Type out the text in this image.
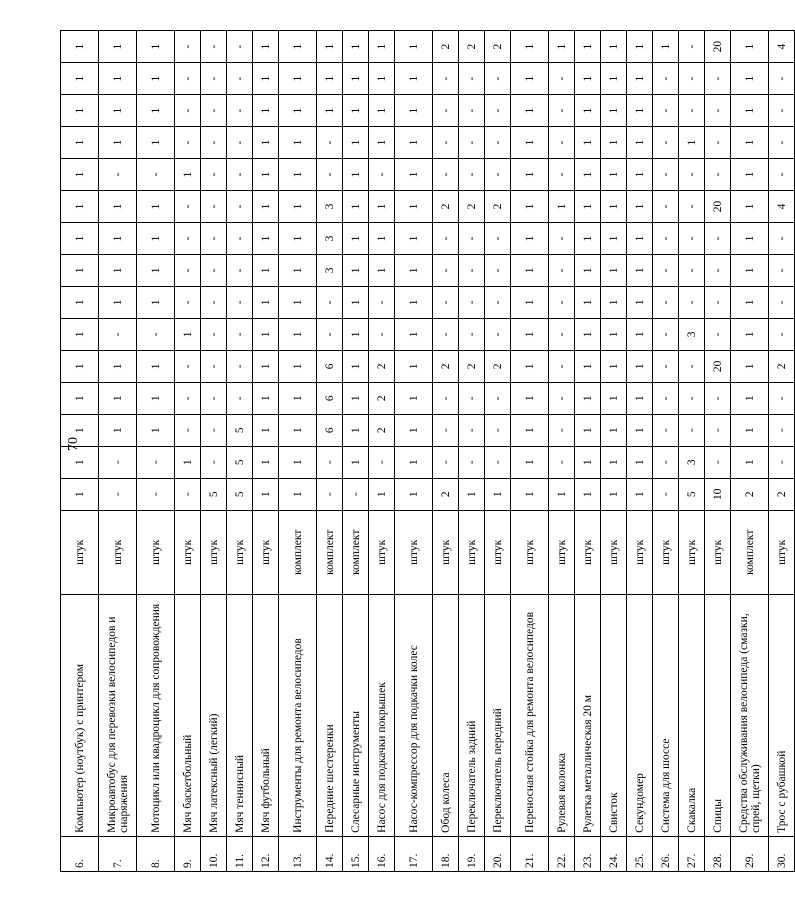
70
6.	Компьютер (ноутбук) с принтером	штук	1	1	1	1	1	1	1	1	1	1	1	1	1	1	1
7.	Микроавтобус для перевозки велосипедов и снаряжения	штук	-	-	1	1	1	-	1	1	1	1	-	1	1	1	1
8.	Мотоцикл или квадроцикл для сопровождения	штук	-	-	1	1	1	-	1	1	1	1	-	1	1	1	1
9.	Мяч баскетбольный	штук	-	1	-	-	-	1	-	-	-	-	1	-	-	-	-
10.	Мяч латексный (легкий)	штук	5	-	-	-	-	-	-	-	-	-	-	-	-	-	-
11.	Мяч теннисный	штук	5	5	5	-	-	-	-	-	-	-	-	-	-	-	-
12.	Мяч футбольный	штук	1	1	1	1	1	1	1	1	1	1	1	1	1	1	1
13.	Инструменты для ремонта велосипедов	комплект	1	1	1	1	1	1	1	1	1	1	1	1	1	1	1
14.	Передние шестеренки	комплект	-	-	6	6	6	-	-	3	3	3	-	-	1	1	1
15.	Слесарные инструменты	комплект	-	1	1	1	1	1	1	1	1	1	1	1	1	1	1
16.	Насос для подкачки покрышек	штук	1	-	2	2	2	-	-	1	1	1	-	1	1	1	1
17.	Насос-компрессор для подкачки колес	штук	1	1	1	1	1	1	1	1	1	1	1	1	1	1	1
18.	Обод колеса	штук	2	-	-	-	2	-	-	-	-	2	-	-	-	-	2
19.	Переключатель задний	штук	1	-	-	-	2	-	-	-	-	2	-	-	-	-	2
20.	Переключатель передний	штук	1	-	-	-	2	-	-	-	-	2	-	-	-	-	2
21.	Переносная стойка для ремонта велосипедов	штук	1	1	1	1	1	1	1	1	1	1	1	1	1	1	1
22.	Рулевая колонка	штук	1	-	-	-	-	-	-	-	-	1	-	-	-	-	1
23.	Рулетка металлическая 20 м	штук	1	1	1	1	1	1	1	1	1	1	1	1	1	1	1
24.	Свисток	штук	1	1	1	1	1	1	1	1	1	1	1	1	1	1	1
25.	Секундомер	штук	1	1	1	1	1	1	1	1	1	1	1	1	1	1	1
26.	Система для шоссе	штук	-	-	-	-	-	-	-	-	-	-	-	-	-	-	1
27.	Скакалка	штук	5	3	-	-	-	3	-	-	-	-	-	1	-	-	-
28.	Спицы	штук	10	-	-	-	20	-	-	-	-	20	-	-	-	-	20
29.	Средства обслуживания велосипеда (смазки, спрей, щетки)	комплект	2	1	1	1	1	1	1	1	1	1	1	1	1	1	1
30.	Трос с рубашкой	штук	2	-	-	-	2	-	-	-	-	4	-	-	-	-	4
